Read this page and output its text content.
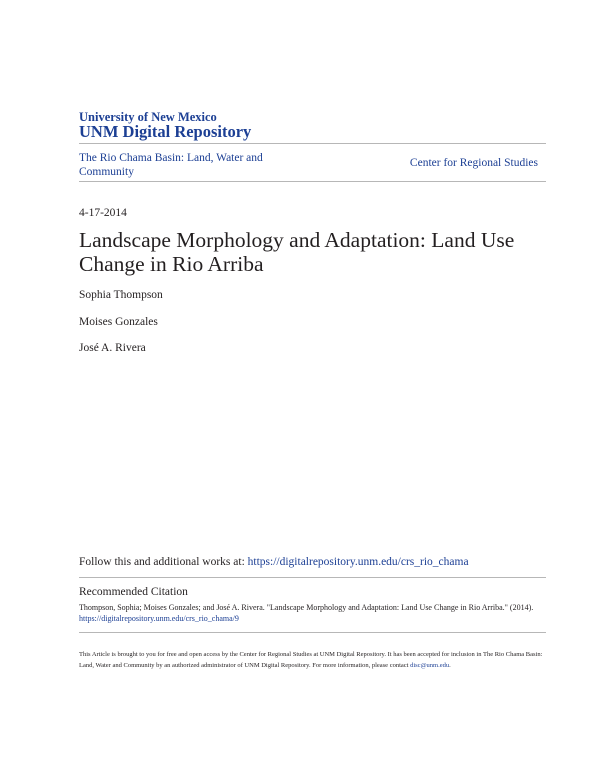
University of New Mexico
UNM Digital Repository
The Rio Chama Basin: Land, Water and Community
Center for Regional Studies
4-17-2014
Landscape Morphology and Adaptation: Land Use Change in Rio Arriba
Sophia Thompson
Moises Gonzales
José A. Rivera
Follow this and additional works at: https://digitalrepository.unm.edu/crs_rio_chama
Recommended Citation
Thompson, Sophia; Moises Gonzales; and José A. Rivera. "Landscape Morphology and Adaptation: Land Use Change in Rio Arriba." (2014). https://digitalrepository.unm.edu/crs_rio_chama/9
This Article is brought to you for free and open access by the Center for Regional Studies at UNM Digital Repository. It has been accepted for inclusion in The Rio Chama Basin: Land, Water and Community by an authorized administrator of UNM Digital Repository. For more information, please contact disc@unm.edu.
